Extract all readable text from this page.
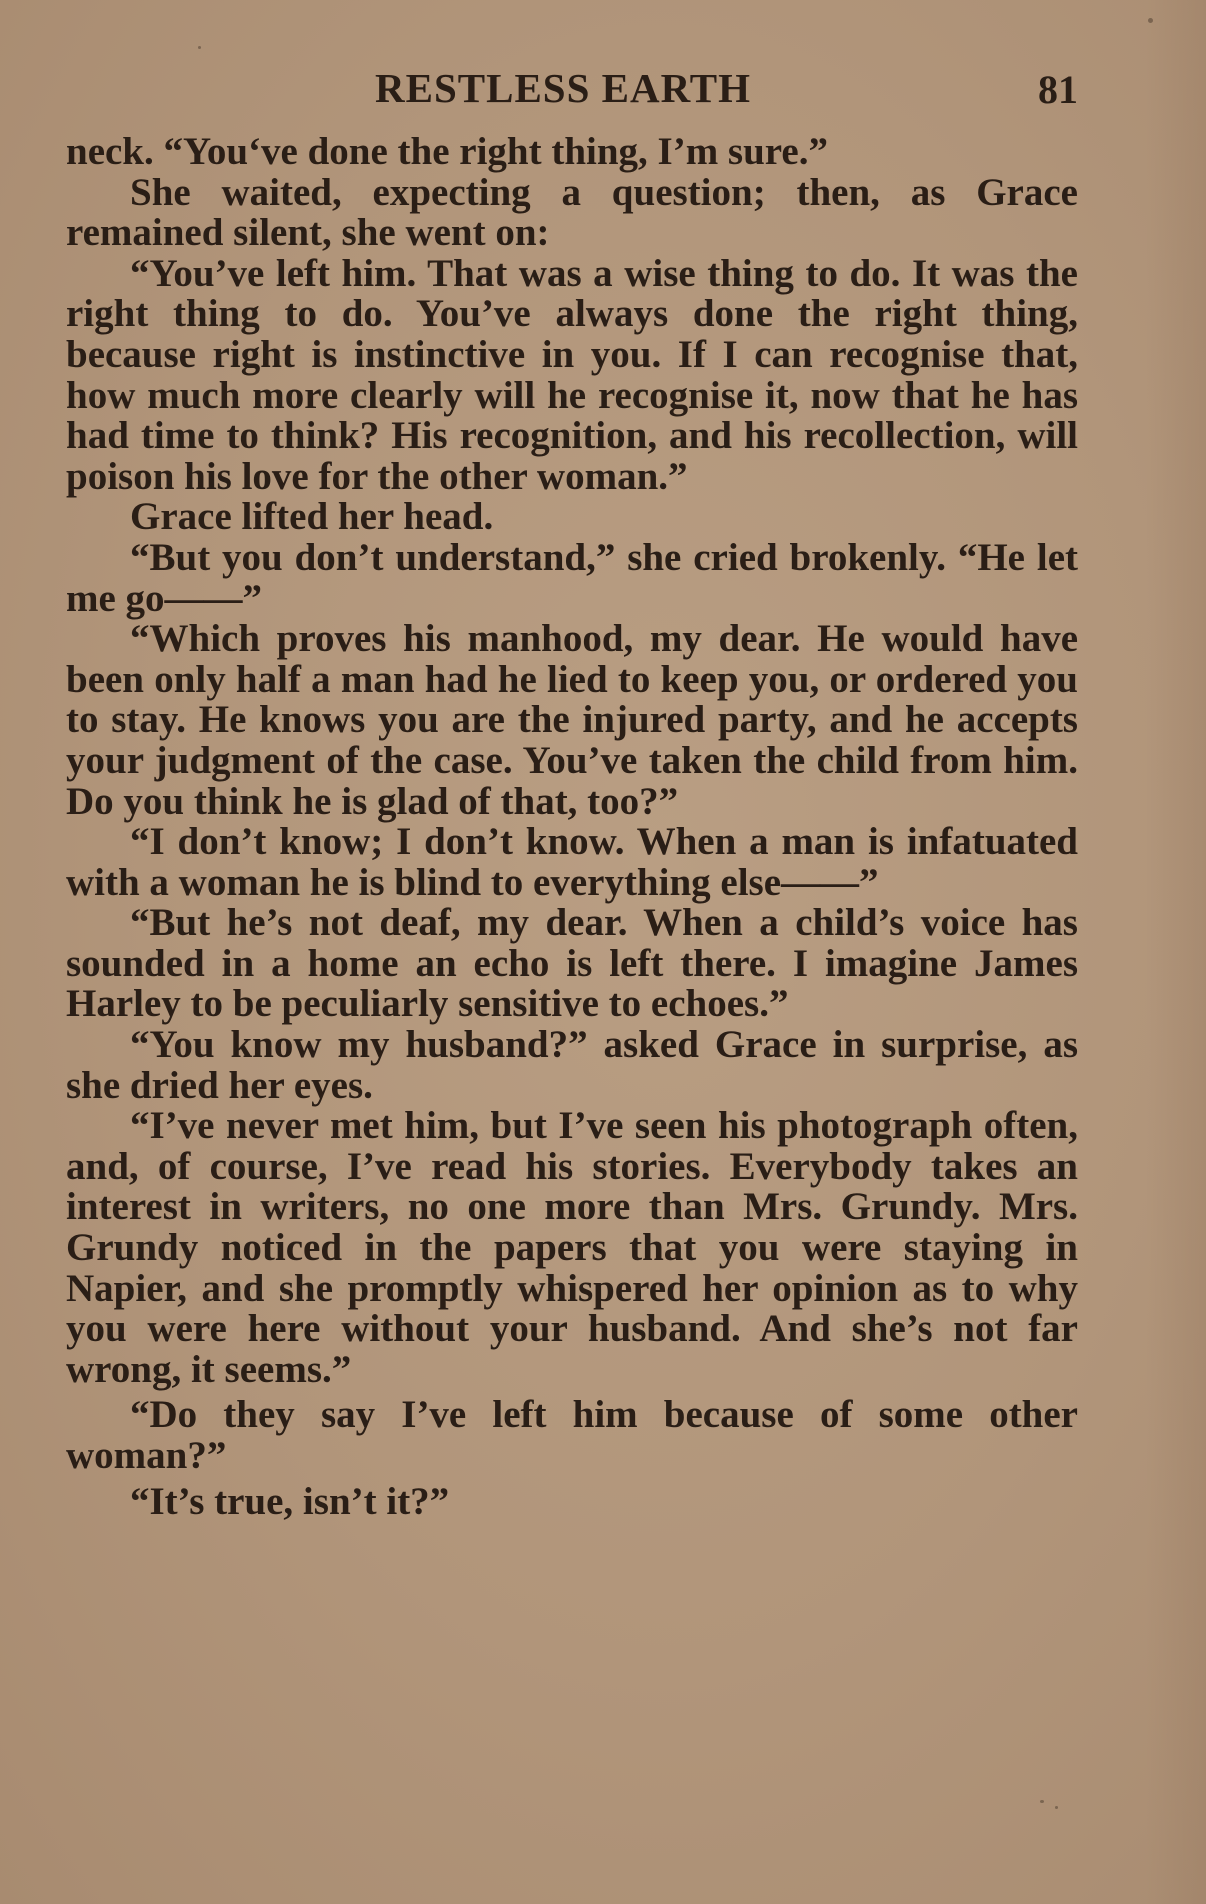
RESTLESS EARTH	81

neck. “You‘ve done the right thing, I’m sure.”

She waited, expecting a question; then, as Grace remained silent, she went on:

“You’ve left him. That was a wise thing to do. It was the right thing to do. You’ve always done the right thing, because right is instinctive in you. If I can recognise that, how much more clearly will he recognise it, now that he has had time to think? His recognition, and his recollection, will poison his love for the other woman.”

Grace lifted her head.

“But you don’t understand,” she cried brokenly. “He let me go——”

“Which proves his manhood, my dear. He would have been only half a man had he lied to keep you, or ordered you to stay. He knows you are the injured party, and he accepts your judgment of the case. You’ve taken the child from him. Do you think he is glad of that, too?”

“I don’t know; I don’t know. When a man is infatuated with a woman he is blind to everything else——”

“But he’s not deaf, my dear. When a child’s voice has sounded in a home an echo is left there. I imagine James Harley to be peculiarly sensitive to echoes.”

“You know my husband?” asked Grace in surprise, as she dried her eyes.

“I’ve never met him, but I’ve seen his photograph often, and, of course, I’ve read his stories. Everybody takes an interest in writers, no one more than Mrs. Grundy. Mrs. Grundy noticed in the papers that you were staying in Napier, and she promptly whispered her opinion as to why you were here without your husband. And she’s not far wrong, it seems.”

“Do they say I’ve left him because of some other woman?”

“It’s true, isn’t it?”
